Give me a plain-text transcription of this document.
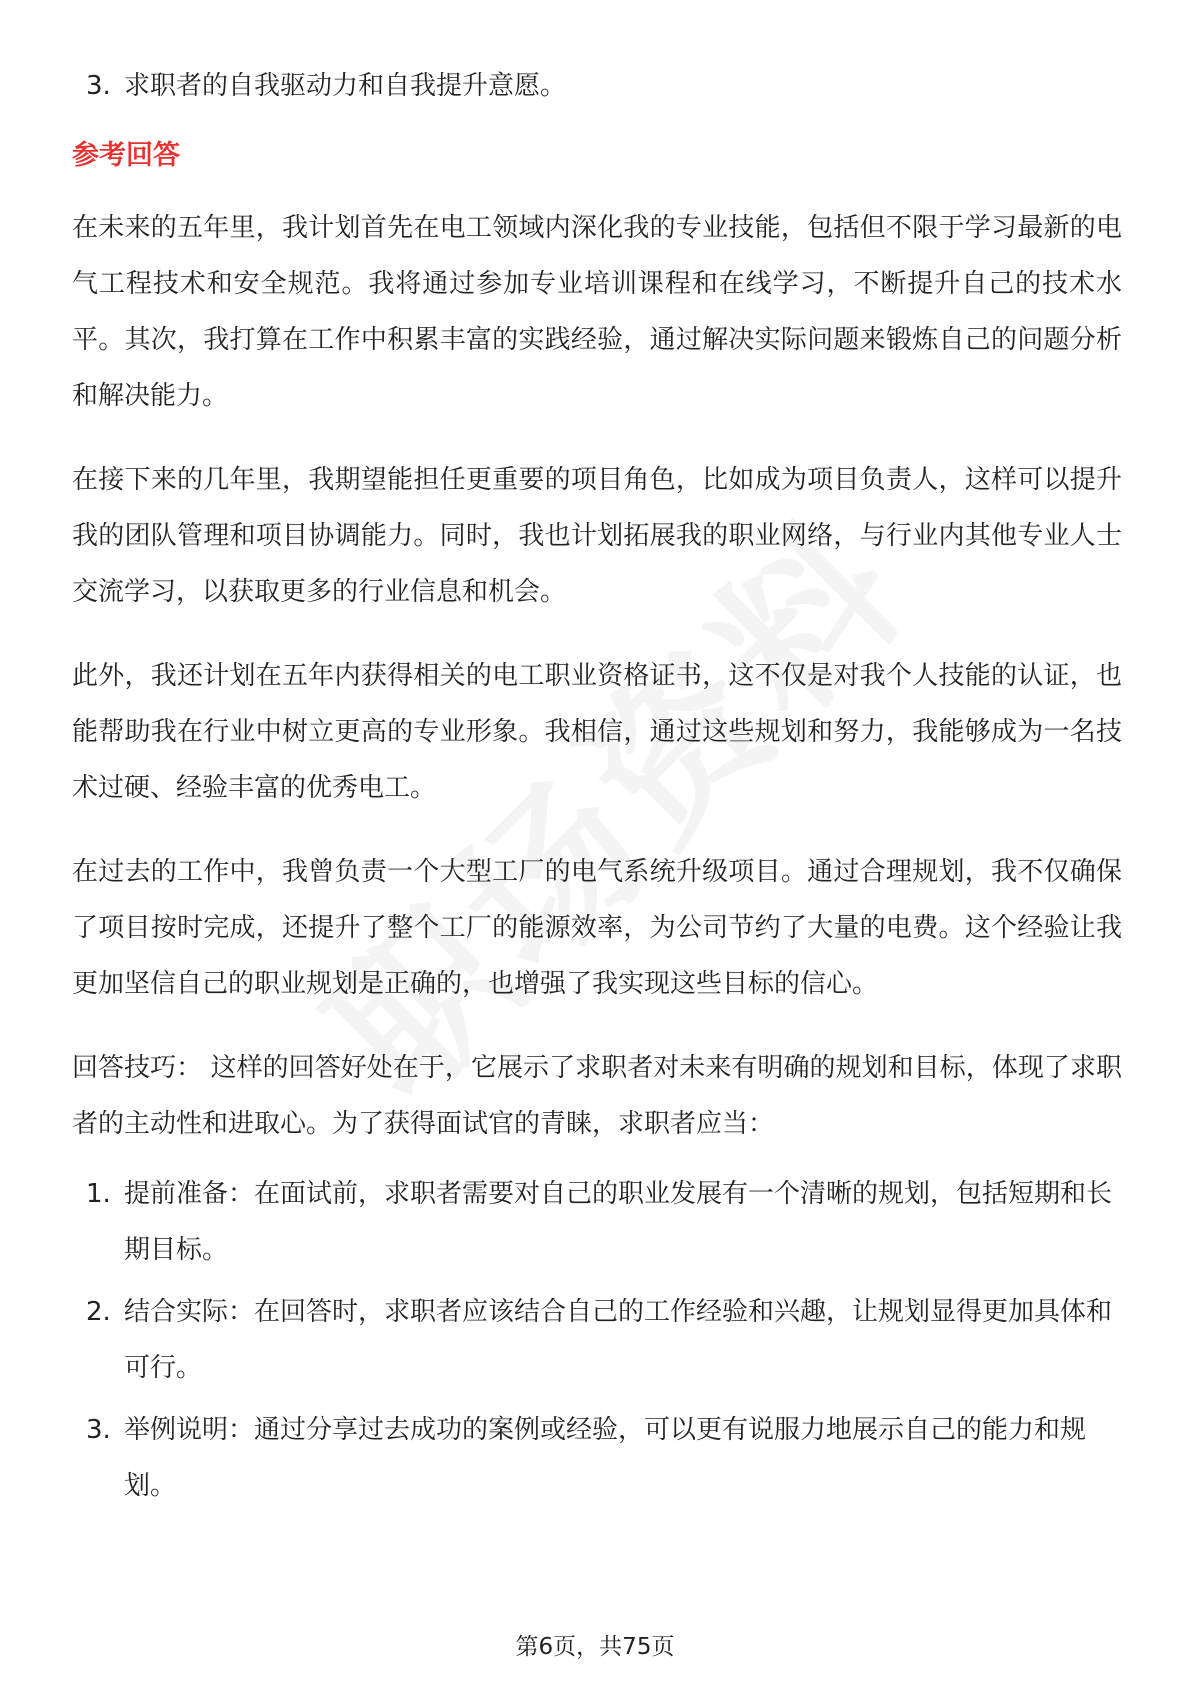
3. 求职者的自我驱动力和自我提升意愿。
参考回答

在未来的五年里，我计划首先在电工领域内深化我的专业技能，包括但不限于学习最新的电气工程技术和安全规范。我将通过参加专业培训课程和在线学习，不断提升自己的技术水平。其次，我打算在工作中积累丰富的实践经验，通过解决实际问题来锻炼自己的问题分析和解决能力。

在接下来的几年里，我期望能担任更重要的项目角色，比如成为项目负责人，这样可以提升我的团队管理和项目协调能力。同时，我也计划拓展我的职业网络，与行业内其他专业人士交流学习，以获取更多的行业信息和机会。

此外，我还计划在五年内获得相关的电工职业资格证书，这不仅是对我个人技能的认证，也能帮助我在行业中树立更高的专业形象。我相信，通过这些规划和努力，我能够成为一名技术过硬、经验丰富的优秀电工。

在过去的工作中，我曾负责一个大型工厂的电气系统升级项目。通过合理规划，我不仅确保了项目按时完成，还提升了整个工厂的能源效率，为公司节约了大量的电费。这个经验让我更加坚信自己的职业规划是正确的，也增强了我实现这些目标的信心。

回答技巧： 这样的回答好处在于，它展示了求职者对未来有明确的规划和目标，体现了求职者的主动性和进取心。为了获得面试官的青睐，求职者应当：

1. 提前准备：在面试前，求职者需要对自己的职业发展有一个清晰的规划，包括短期和长期目标。
2. 结合实际：在回答时，求职者应该结合自己的工作经验和兴趣，让规划显得更加具体和可行。
3. 举例说明：通过分享过去成功的案例或经验，可以更有说服力地展示自己的能力和规划。
第6页，共75页
